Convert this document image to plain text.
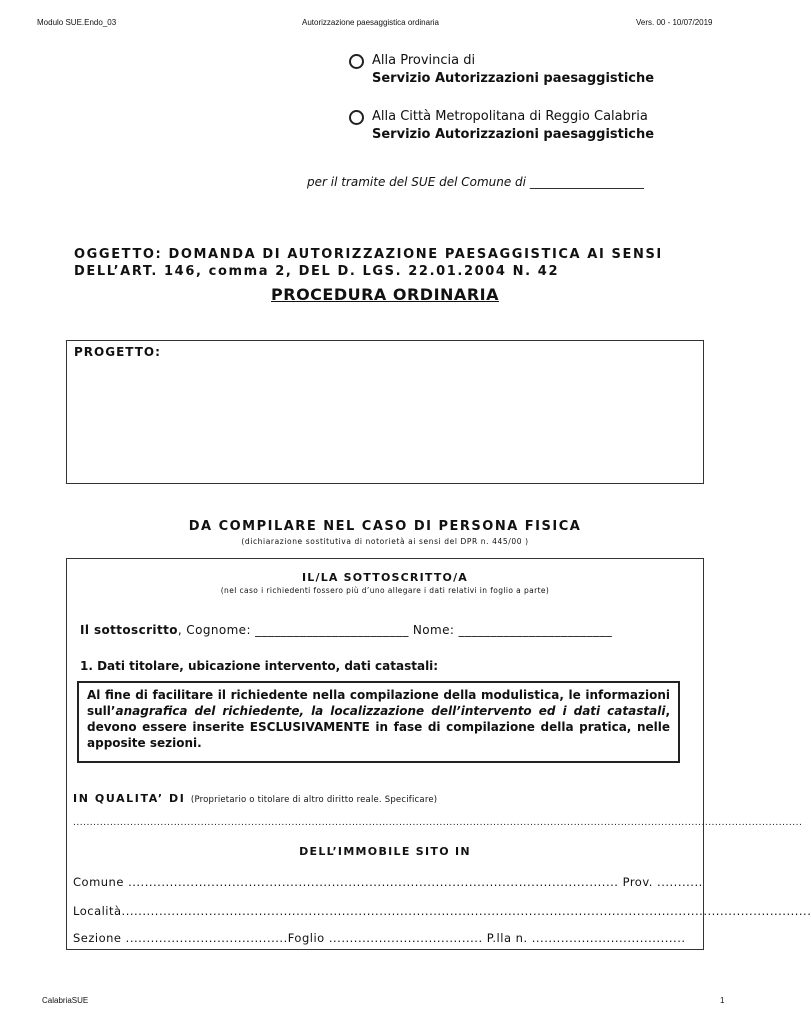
Modulo SUE.Endo_03	Autorizzazione paesaggistica ordinaria	Vers. 00 - 10/07/2019
Alla Provincia di
Servizio Autorizzazioni paesaggistiche
Alla Città Metropolitana di Reggio Calabria
Servizio Autorizzazioni paesaggistiche
per il tramite del SUE del Comune di ___________________
OGGETTO: DOMANDA DI AUTORIZZAZIONE PAESAGGISTICA AI SENSI DELL’ART. 146, comma 2, DEL D. LGS. 22.01.2004 N. 42
PROCEDURA ORDINARIA
PROGETTO:
DA COMPILARE NEL CASO DI PERSONA FISICA
(dichiarazione sostitutiva di notorietà ai sensi del DPR n. 445/00 )
IL/LA SOTTOSCRITTO/A
(nel caso i richiedenti fossero più d’uno allegare i dati relativi in foglio a parte)
Il sottoscritto, Cognome: ________________________ Nome: ________________________
1. Dati titolare, ubicazione intervento, dati catastali:
Al fine di facilitare il richiedente nella compilazione della modulistica, le informazioni sull’anagrafica del richiedente, la localizzazione dell’intervento ed i dati catastali, devono essere inserite ESCLUSIVAMENTE in fase di compilazione della pratica, nelle apposite sezioni.
IN QUALITA’ DI (Proprietario o titolare di altro diritto reale. Specificare)
.........................................................................................................................................................................................................................
DELL’IMMOBILE SITO IN
Comune ...................................................................................................................... Prov. ...........
Località......................................................................................................................................................................
Sezione .......................................Foglio ..................................... P.lla n. .....................................
CalabriaSUE	1
